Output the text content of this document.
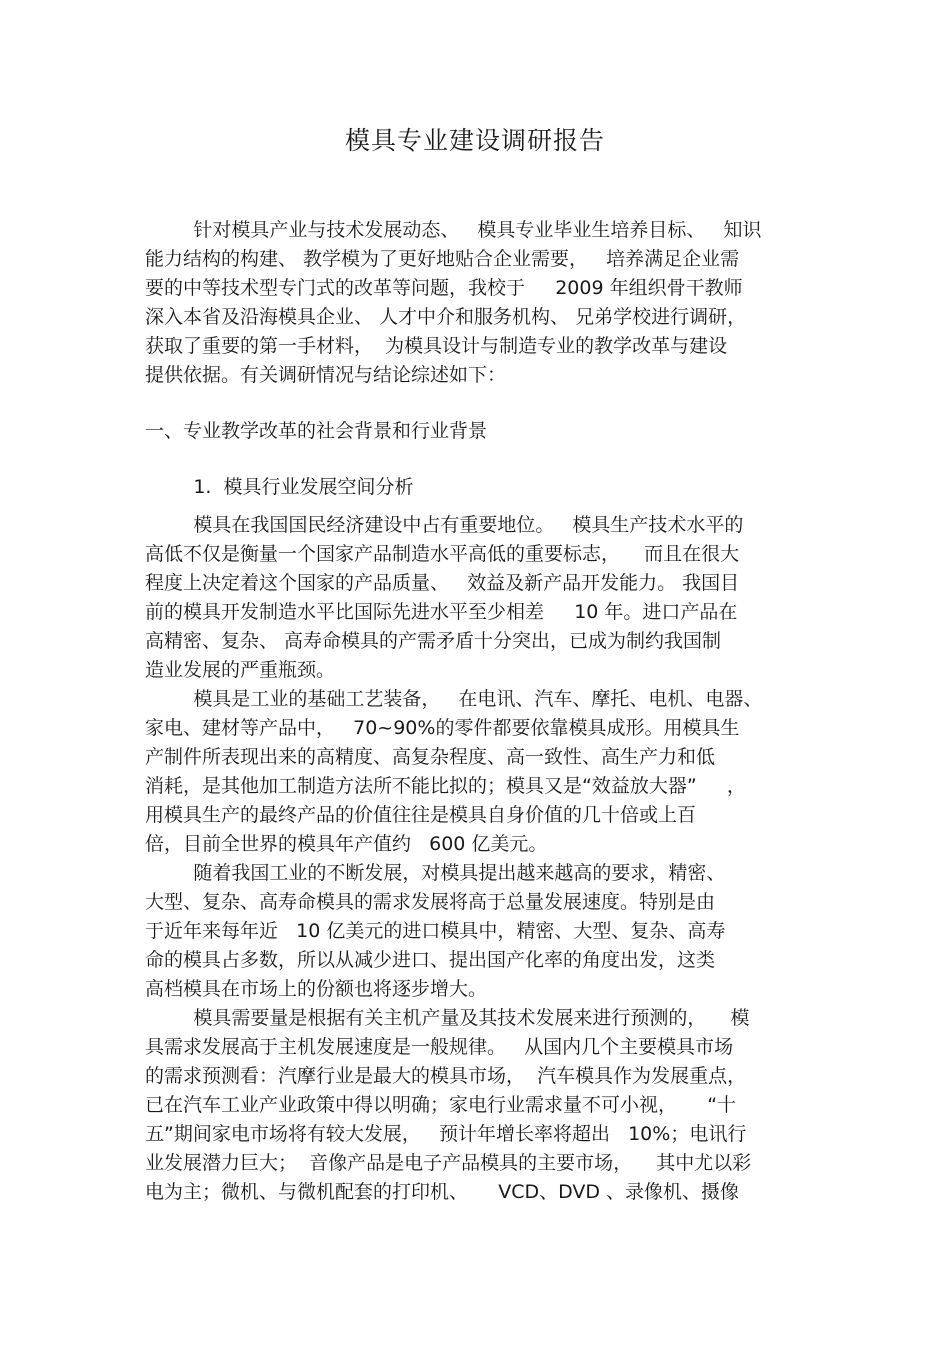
模具专业建设调研报告
针对模具产业与技术发展动态、   模具专业毕业生培养目标、   知识
能力结构的构建、 教学模为了更好地贴合企业需要，   培养满足企业需
要的中等技术型专门式的改革等问题，我校于     2009 年组织骨干教师
深入本省及沿海模具企业、 人才中介和服务机构、 兄弟学校进行调研，
获取了重要的第一手材料，  为模具设计与制造专业的教学改革与建设
提供依据。有关调研情况与结论综述如下：
一、专业教学改革的社会背景和行业背景
1.  模具行业发展空间分析
模具在我国国民经济建设中占有重要地位。   模具生产技术水平的
高低不仅是衡量一个国家产品制造水平高低的重要标志，    而且在很大
程度上决定着这个国家的产品质量、   效益及新产品开发能力。 我国目
前的模具开发制造水平比国际先进水平至少相差     10 年。进口产品在
高精密、复杂、 高寿命模具的产需矛盾十分突出，已成为制约我国制
造业发展的严重瓶颈。
模具是工业的基础工艺装备，   在电讯、汽车、摩托、电机、电器、
家电、建材等产品中，   70~90%的零件都要依靠模具成形。用模具生
产制件所表现出来的高精度、高复杂程度、高一致性、高生产力和低
消耗，是其他加工制造方法所不能比拟的；模具又是“效益放大器”     ，
用模具生产的最终产品的价值往往是模具自身价值的几十倍或上百
倍，目前全世界的模具年产值约   600 亿美元。
随着我国工业的不断发展，对模具提出越来越高的要求，精密、
大型、复杂、高寿命模具的需求发展将高于总量发展速度。特别是由
于近年来每年近   10 亿美元的进口模具中，精密、大型、复杂、高寿
命的模具占多数，所以从减少进口、提出国产化率的角度出发，这类
高档模具在市场上的份额也将逐步增大。
模具需要量是根据有关主机产量及其技术发展来进行预测的，    模
具需求发展高于主机发展速度是一般规律。   从国内几个主要模具市场
的需求预测看：汽摩行业是最大的模具市场，  汽车模具作为发展重点，
已在汽车工业产业政策中得以明确；家电行业需求量不可小视，     “十
五”期间家电市场将有较大发展，   预计年增长率将超出   10%；电讯行
业发展潜力巨大；  音像产品是电子产品模具的主要市场，    其中尤以彩
电为主；微机、与微机配套的打印机、     VCD、DVD 、录像机、摄像
